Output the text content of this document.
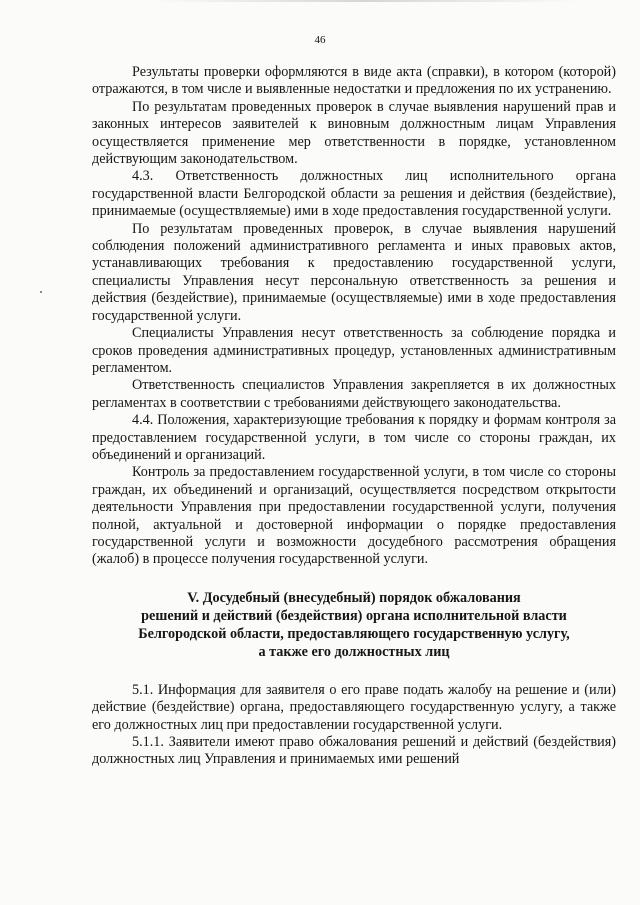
46

Результаты проверки оформляются в виде акта (справки), в котором (которой) отражаются, в том числе и выявленные недостатки и предложения по их устранению.

По результатам проведенных проверок в случае выявления нарушений прав и законных интересов заявителей к виновным должностным лицам Управления осуществляется применение мер ответственности в порядке, установленном действующим законодательством.

4.3. Ответственность должностных лиц исполнительного органа государственной власти Белгородской области за решения и действия (бездействие), принимаемые (осуществляемые) ими в ходе предоставления государственной услуги.

По результатам проведенных проверок, в случае выявления нарушений соблюдения положений административного регламента и иных правовых актов, устанавливающих требования к предоставлению государственной услуги, специалисты Управления несут персональную ответственность за решения и действия (бездействие), принимаемые (осуществляемые) ими в ходе предоставления государственной услуги.

Специалисты Управления несут ответственность за соблюдение порядка и сроков проведения административных процедур, установленных административным регламентом.

Ответственность специалистов Управления закрепляется в их должностных регламентах в соответствии с требованиями действующего законодательства.

4.4. Положения, характеризующие требования к порядку и формам контроля за предоставлением государственной услуги, в том числе со стороны граждан, их объединений и организаций.

Контроль за предоставлением государственной услуги, в том числе со стороны граждан, их объединений и организаций, осуществляется посредством открытости деятельности Управления при предоставлении государственной услуги, получения полной, актуальной и достоверной информации о порядке предоставления государственной услуги и возможности досудебного рассмотрения обращения (жалоб) в процессе получения государственной услуги.

V. Досудебный (внесудебный) порядок обжалования
решений и действий (бездействия) органа исполнительной власти
Белгородской области, предоставляющего государственную услугу,
а также его должностных лиц

5.1. Информация для заявителя о его праве подать жалобу на решение и (или) действие (бездействие) органа, предоставляющего государственную услугу, а также его должностных лиц при предоставлении государственной услуги.

5.1.1. Заявители имеют право обжалования решений и действий (бездействия) должностных лиц Управления и принимаемых ими решений
